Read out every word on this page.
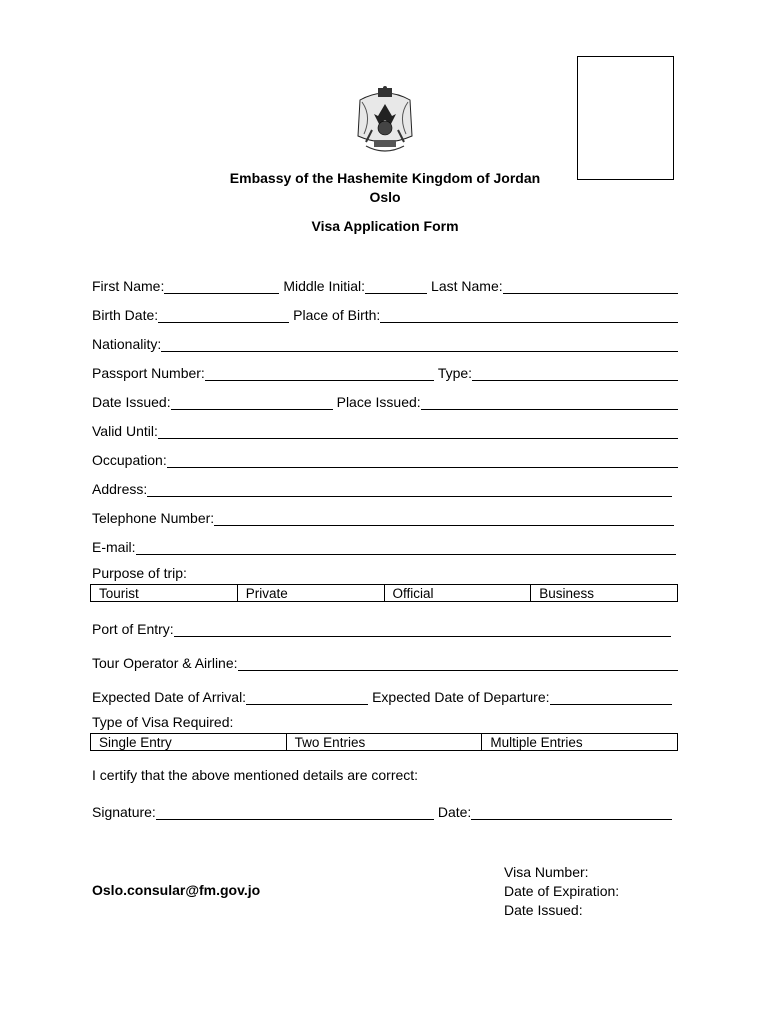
Embassy of the Hashemite Kingdom of Jordan
Oslo
Visa Application Form
First Name:	Middle Initial:	Last Name:
Birth Date:	Place of Birth:
Nationality:
Passport Number:	Type:
Date Issued:	Place Issued:
Valid Until:
Occupation:
Address:
Telephone Number:
E-mail:
Purpose of trip:
Tourist	Private	Official	Business
Port of Entry:
Tour Operator & Airline:
Expected Date of Arrival:	Expected Date of Departure:
Type of Visa Required:
Single Entry	Two Entries	Multiple Entries
I certify that the above mentioned details are correct:
Signature:	Date:
Oslo.consular@fm.gov.jo
Visa Number:
Date of Expiration:
Date Issued:
